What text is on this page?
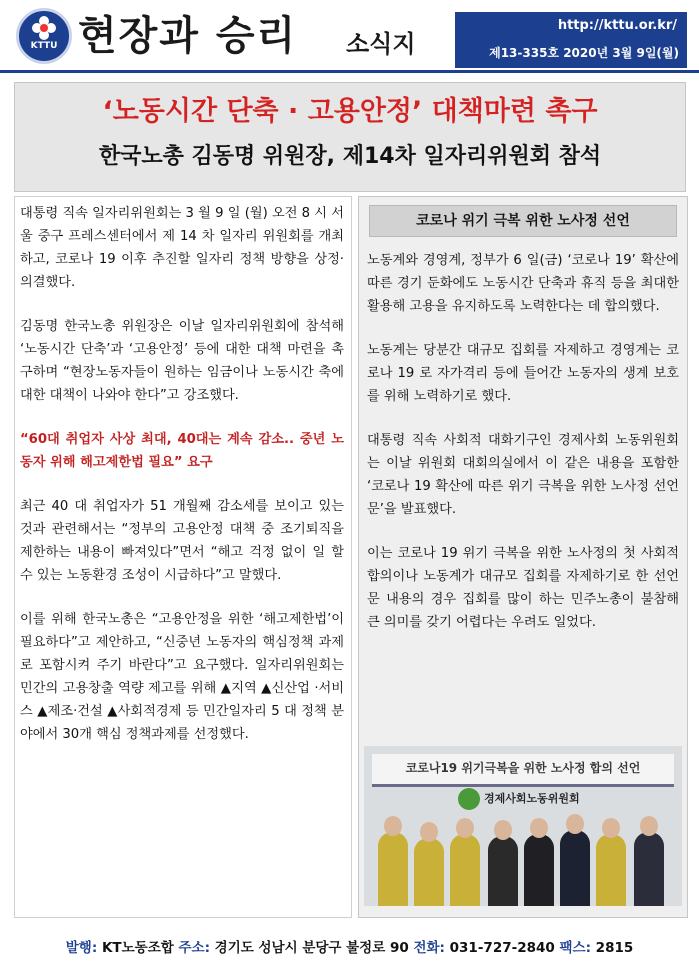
KTTU 현장과 승리 소식지
http://kttu.or.kr/
제13-335호 2020년 3월 9일(월)
‘노동시간 단축 · 고용안정’ 대책마련 촉구
한국노총 김동명 위원장, 제14차 일자리위원회 참석

대통령 직속 일자리위원회는 3 월 9 일 (월) 오전 8 시 서울 중구 프레스센터에서 제 14 차 일자리 위원회를 개최하고, 코로나 19 이후 추진할 일자리 정책 방향을 상정·의결했다.

김동명 한국노총 위원장은 이날 일자리위원회에 참석해 ‘노동시간 단축’과 ‘고용안정’ 등에 대한 대책 마련을 촉구하며 “현장노동자들이 원하는 임금이나 노동시간 축에 대한 대책이 나와야 한다”고 강조했다.

“60대 취업자 사상 최대, 40대는 계속 감소.. 중년 노동자 위해 해고제한법 필요” 요구

최근 40 대 취업자가 51 개월째 감소세를 보이고 있는 것과 관련해서는 “정부의 고용안정 대책 중 조기퇴직을 제한하는 내용이 빠져있다”면서 “해고 걱정 없이 일 할 수 있는 노동환경 조성이 시급하다”고 말했다.

이를 위해 한국노총은 “고용안정을 위한 ‘해고제한법’이 필요하다”고 제안하고, “신중년 노동자의 핵심정책 과제로 포함시켜 주기 바란다”고 요구했다. 일자리위원회는 민간의 고용창출 역량 제고를 위해 ▲지역 ▲신산업 ·서비스 ▲제조·건설 ▲사회적경제 등 민간일자리 5 대 정책 분야에서 30개 핵심 정책과제를 선정했다.

코로나 위기 극복 위한 노사정 선언

노동계와 경영계, 정부가 6 일(금) ‘코로나 19’ 확산에 따른 경기 둔화에도 노동시간 단축과 휴직 등을 최대한 활용해 고용을 유지하도록 노력한다는 데 합의했다.

노동계는 당분간 대규모 집회를 자제하고 경영계는 코로나 19 로 자가격리 등에 들어간 노동자의 생계 보호를 위해 노력하기로 했다.

대통령 직속 사회적 대화기구인 경제사회 노동위원회는 이날 위원회 대회의실에서 이 같은 내용을 포함한 ‘코로나 19 확산에 따른 위기 극복을 위한 노사정 선언문’을 발표했다.

이는 코로나 19 위기 극복을 위한 노사정의 첫 사회적 합의이나 노동계가 대규모 집회를 자제하기로 한 선언문 내용의 경우 집회를 많이 하는 민주노총이 불참해 큰 의미를 갖기 어렵다는 우려도 일었다.

코로나19 위기극복을 위한 노사정 합의 선언
경제사회노동위원회
발행: KT노동조합 주소: 경기도 성남시 분당구 불정로 90 전화: 031-727-2840 팩스: 2815
